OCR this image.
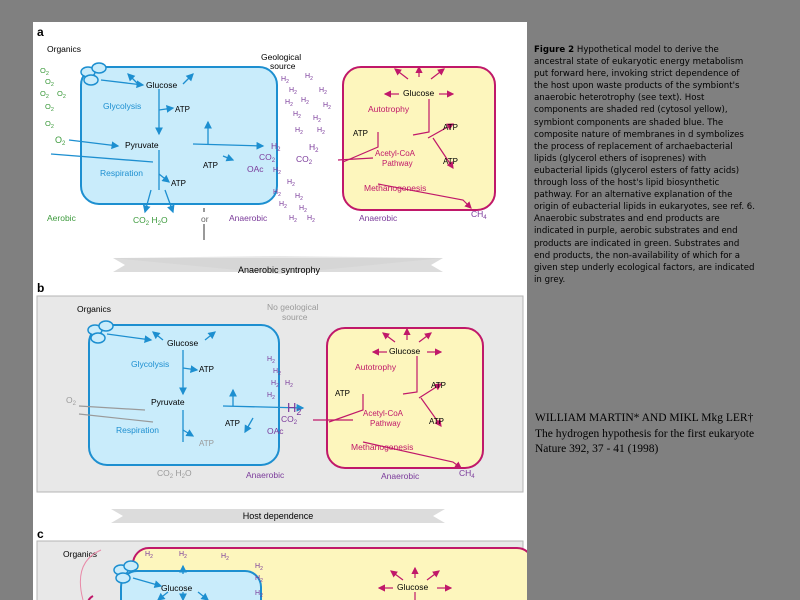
a
Organics
$O_2$
$O_2$
$O_2$ $O_2$
$O_2$
$O_2$
$O_2$
Glucose
Glycolysis	ATP
Pyruvate
ATP
Respiration
ATP
Aerobic	$CO_2$ $H_2O$	or Anaerobic
Geological
source
$H_2$
$H_2$
$H_2$	$H_2$
$H_2$
$H_2$ $H_2$
$H_2$ $H_2$
$H_2$ $H_2$
$H_2$
$H_2$
$H_2$ $H_2$
$H_2$ $H_2$
$H_2$ $H_2$
$H_2$
$CO_2$
OAc
$H_2$
$CO_2$
Glucose
Autotrophy
ATP
ATP
Acetyl-CoA
Pathway	ATP
Methanogenesis
$CH_4$
Anaerobic
Anaerobic syntrophy
b
Organics	No geological
source
$O_2$
Glucose
Glycolysis
ATP
Pyruvate
ATP
Respiration
ATP
$CO_2$ $H_2O$	Anaerobic
$H_2$
$H_2$
$H_2$ $H_2$
$H_2$
$H_2$
$CO_2$
OAc
Glucose
Autotrophy
ATP
ATP
Acetyl-CoA
Pathway	ATP
Methanogenesis
$CH_4$
Anaerobic
Host dependence
c
Organics
Glucose
$H_2$	$H_2$	$H_2$
$H_2$
$H_2$
$H_2$
Glucose
Figure 2 Hypothetical model to derive the ancestral state of eukaryotic energy metabolism put forward here, invoking strict dependence of the host upon waste products of the symbiont's anaerobic heterotrophy (see text). Host components are shaded red (cytosol yellow), symbiont components are shaded blue. The composite nature of membranes in d symbolizes the process of replacement of archaebacterial lipids (glycerol ethers of isoprenes) with eubacterial lipids (glycerol esters of fatty acids) through loss of the host's lipid biosynthetic pathway. For an alternative explanation of the origin of eubacterial lipids in eukaryotes, see ref. 6. Anaerobic substrates and end products are indicated in purple, aerobic substrates and end products are indicated in green. Substrates and end products, the non-availability of which for a given step underly ecological factors, are indicated in grey.
WILLIAM MARTIN* AND MIKL Mkg LER†
The hydrogen hypothesis for the first eukaryote
Nature 392, 37 - 41 (1998)
